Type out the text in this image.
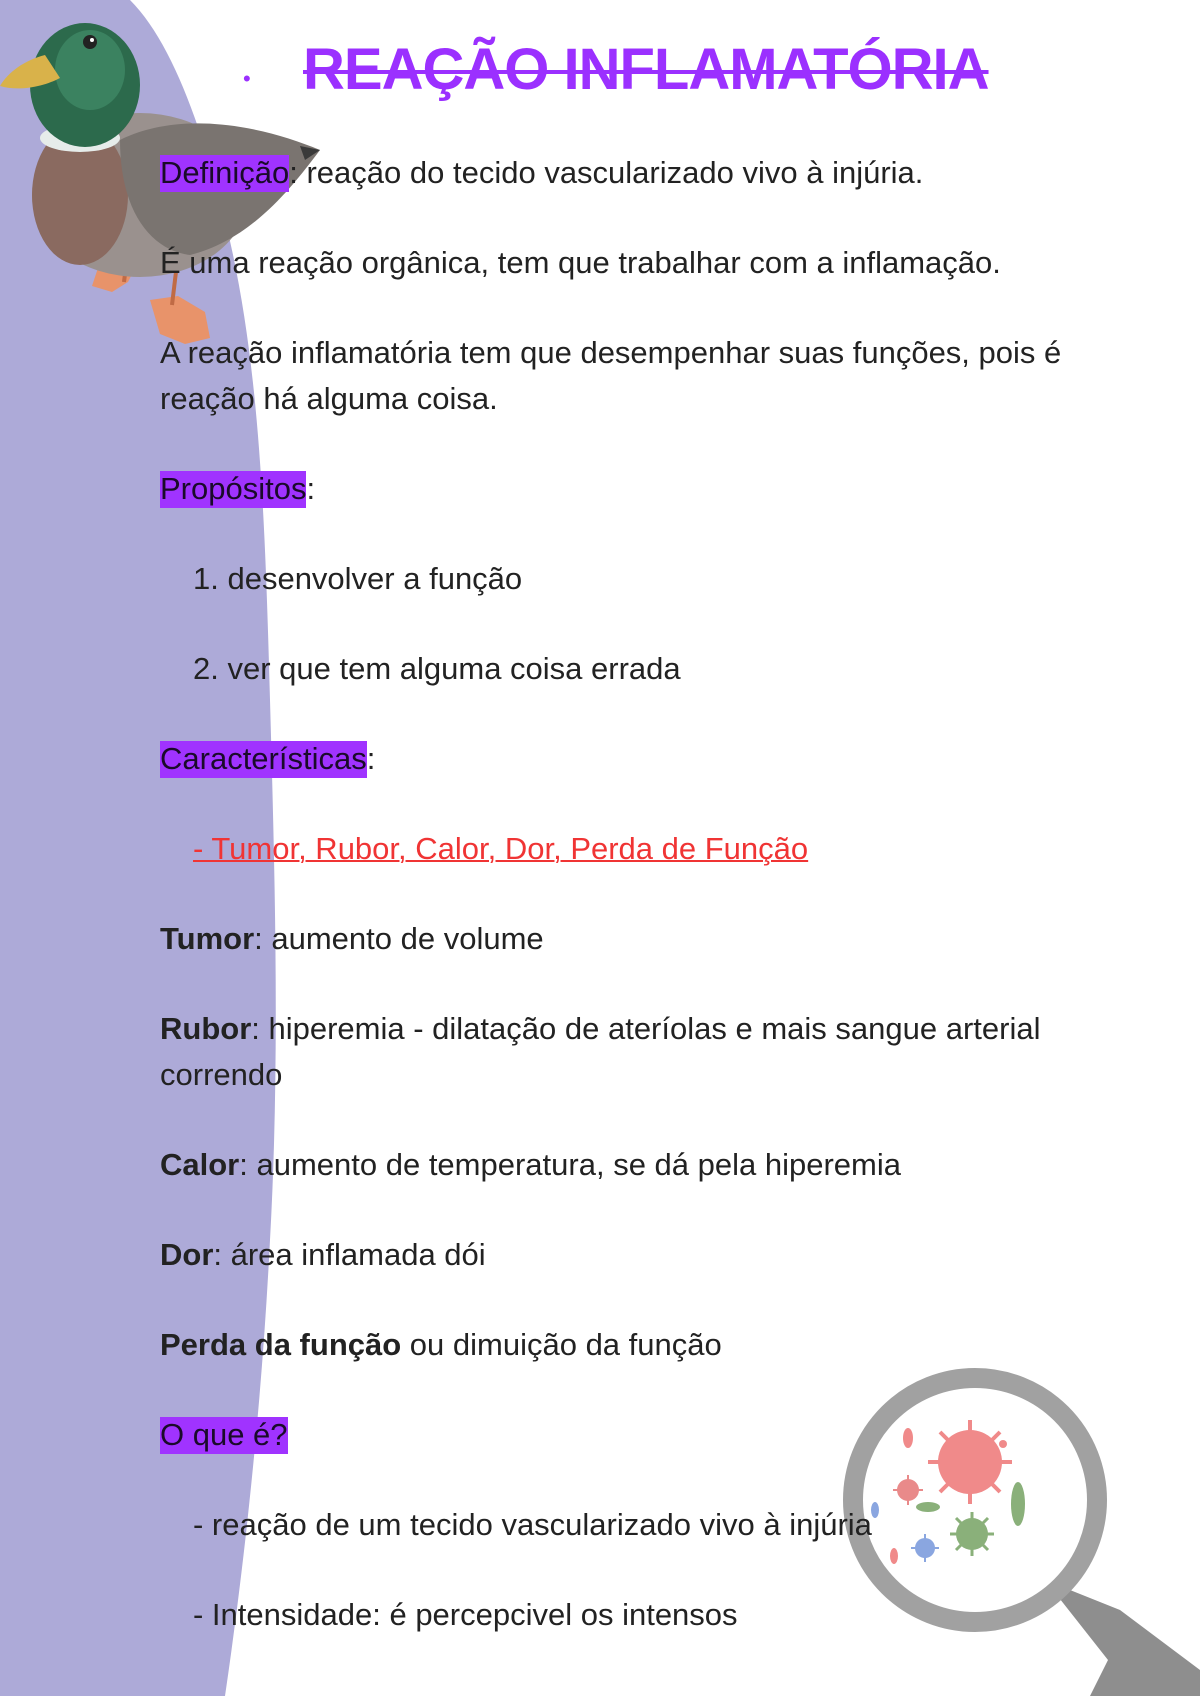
• REAÇÃO INFLAMATÓRIA

Definição: reação do tecido vascularizado vivo à injúria.

É uma reação orgânica, tem que trabalhar com a inflamação.

A reação inflamatória tem que desempenhar suas funções, pois é reação há alguma coisa.

Propósitos:

1. desenvolver a função

2. ver que tem alguma coisa errada

Características:

- Tumor, Rubor, Calor, Dor, Perda de Função

Tumor: aumento de volume

Rubor: hiperemia - dilatação de ateríolas e mais sangue arterial correndo

Calor: aumento de temperatura, se dá pela hiperemia

Dor: área inflamada dói

Perda da função ou dimuição da função

O que é?

- reação de um tecido vascularizado vivo à injúria

- Intensidade: é percepcivel os intensos
